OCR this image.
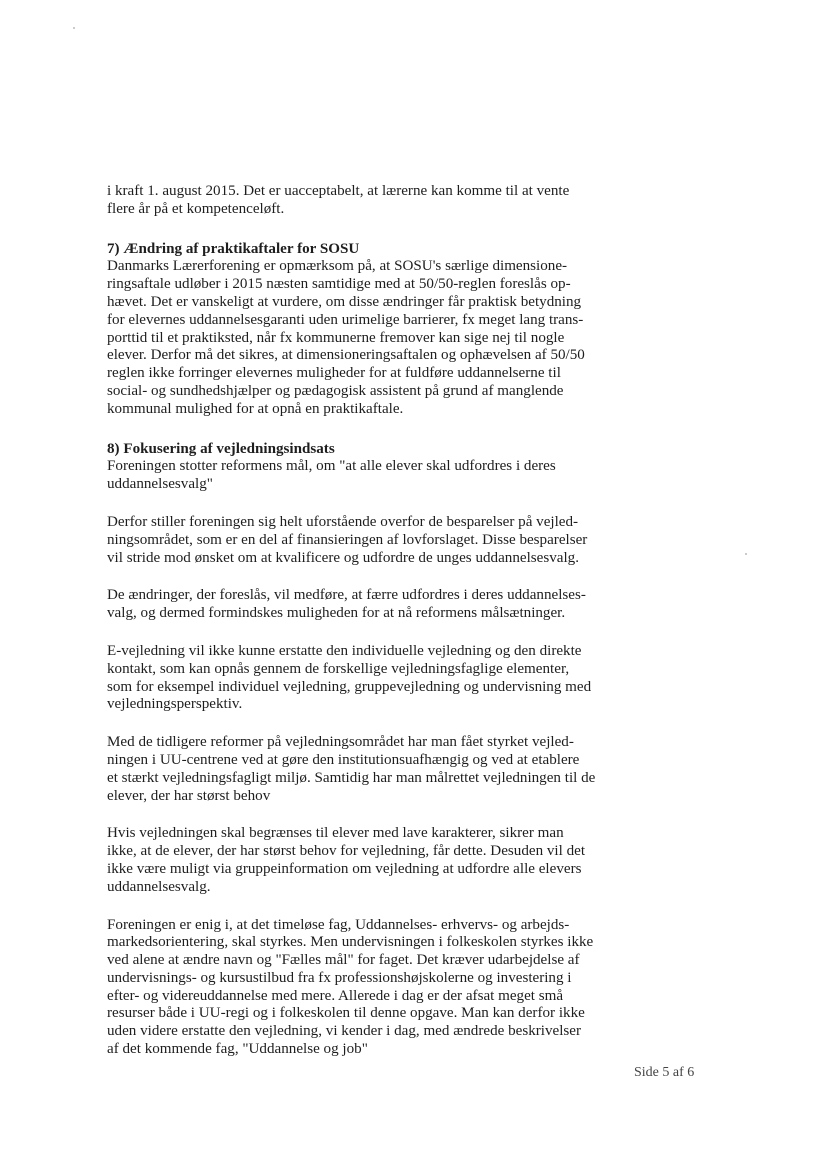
i kraft 1. august 2015. Det er uacceptabelt, at lærerne kan komme til at vente
flere år på et kompetenceløft.
7) Ændring af praktikaftaler for SOSU
Danmarks Lærerforening er opmærksom på, at SOSU's særlige dimensione-
ringsaftale udløber i 2015 næsten samtidige med at 50/50-reglen foreslås op-
hævet. Det er vanskeligt at vurdere, om disse ændringer får praktisk betydning
for elevernes uddannelsesgaranti uden urimelige barrierer, fx meget lang trans-
porttid til et praktiksted, når fx kommunerne fremover kan sige nej til nogle
elever. Derfor må det sikres, at dimensioneringsaftalen og ophævelsen af 50/50
reglen ikke forringer elevernes muligheder for at fuldføre uddannelserne til
social- og sundhedshjælper og pædagogisk assistent på grund af manglende
kommunal mulighed for at opnå en praktikaftale.
8) Fokusering af vejledningsindsats
Foreningen stotter reformens mål, om "at alle elever skal udfordres i deres
uddannelsesvalg"
Derfor stiller foreningen sig helt uforstående overfor de besparelser på vejled-
ningsområdet, som er en del af finansieringen af lovforslaget. Disse besparelser
vil stride mod ønsket om at kvalificere og udfordre de unges uddannelsesvalg.
De ændringer, der foreslås, vil medføre, at færre udfordres i deres uddannelses-
valg, og dermed formindskes muligheden for at nå reformens målsætninger.
E-vejledning vil ikke kunne erstatte den individuelle vejledning og den direkte
kontakt, som kan opnås gennem de forskellige vejledningsfaglige elementer,
som for eksempel individuel vejledning, gruppevejledning og undervisning med
vejledningsperspektiv.
Med de tidligere reformer på vejledningsområdet har man fået styrket vejled-
ningen i UU-centrene ved at gøre den institutionsuafhængig og ved at etablere
et stærkt vejledningsfagligt miljø. Samtidig har man målrettet vejledningen til de
elever, der har størst behov
Hvis vejledningen skal begrænses til elever med lave karakterer, sikrer man
ikke, at de elever, der har størst behov for vejledning, får dette. Desuden vil det
ikke være muligt via gruppeinformation om vejledning at udfordre alle elevers
uddannelsesvalg.
Foreningen er enig i, at det timeløse fag, Uddannelses- erhvervs- og arbejds-
markedsorientering, skal styrkes. Men undervisningen i folkeskolen styrkes ikke
ved alene at ændre navn og "Fælles mål" for faget. Det kræver udarbejdelse af
undervisnings- og kursustilbud fra fx professionshøjskolerne og investering i
efter- og videreuddannelse med mere. Allerede i dag er der afsat meget små
resurser både i UU-regi og i folkeskolen til denne opgave. Man kan derfor ikke
uden videre erstatte den vejledning, vi kender i dag, med ændrede beskrivelser
af det kommende fag, "Uddannelse og job"
Side 5 af 6
